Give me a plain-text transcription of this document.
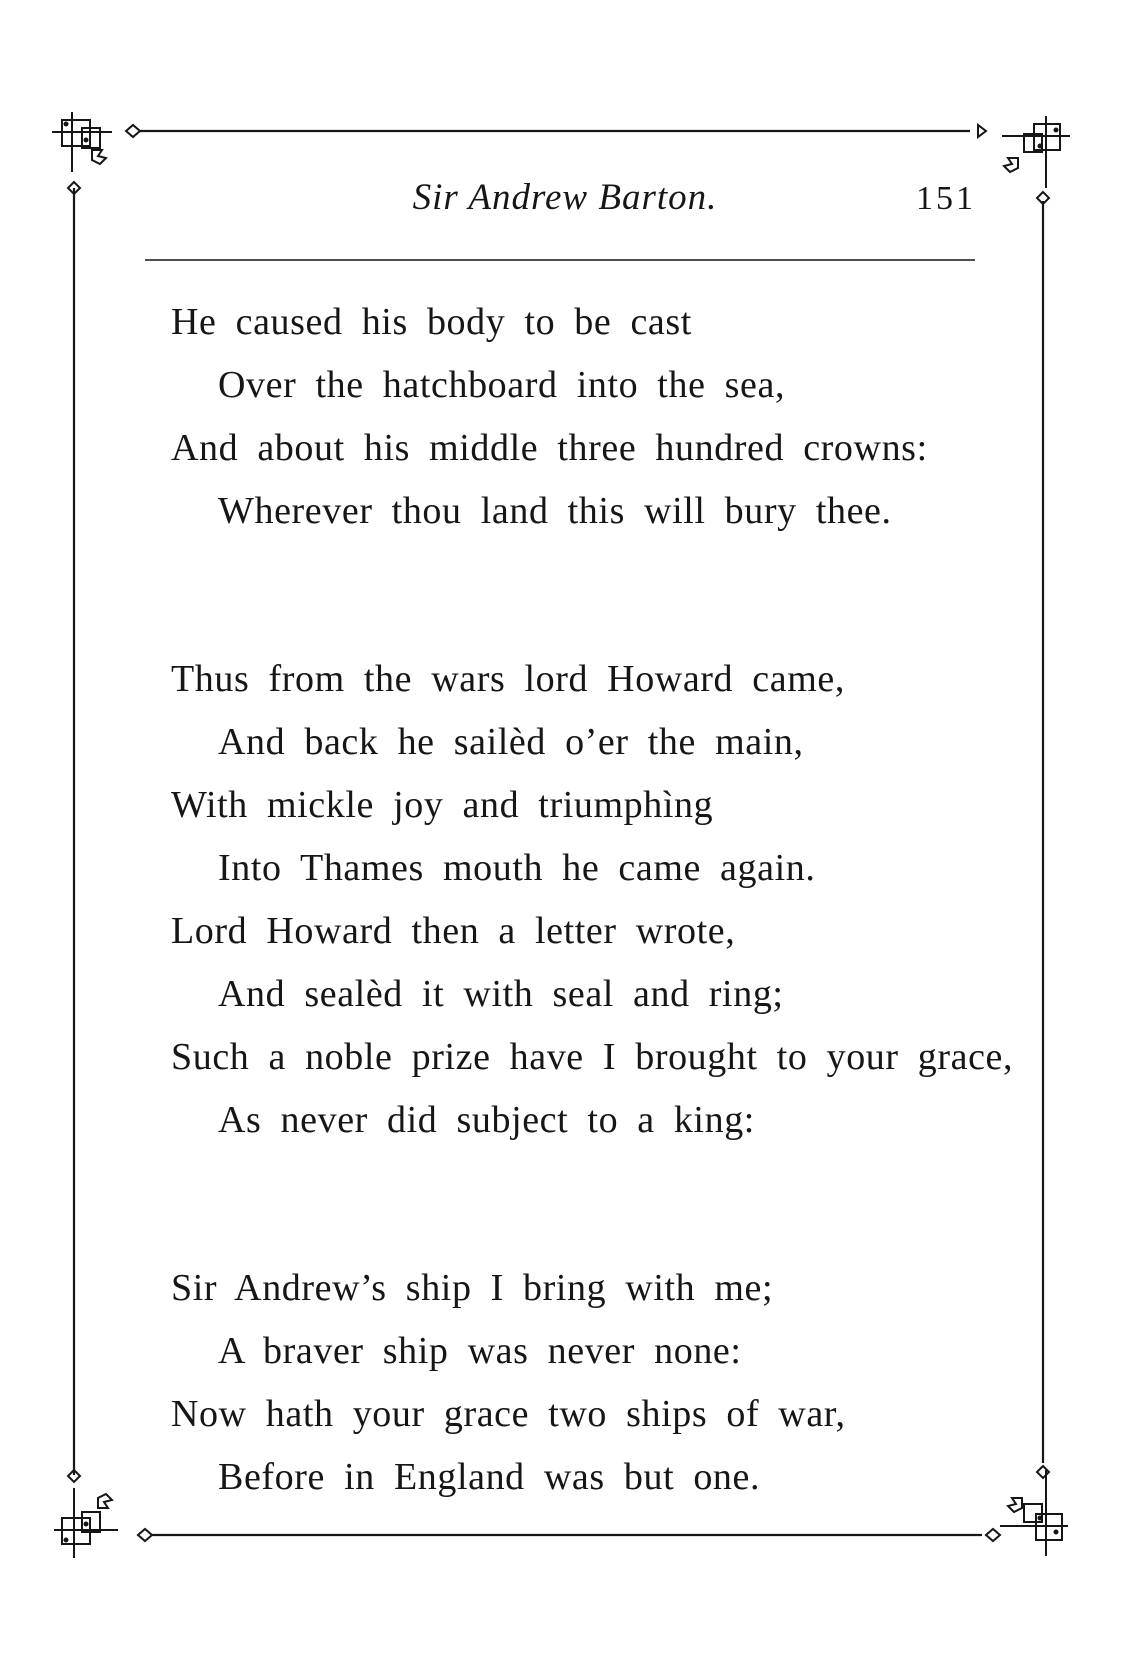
Sir Andrew Barton.	151
He caused his body to be cast
Over the hatchboard into the sea,
And about his middle three hundred crowns:
Wherever thou land this will bury thee.
Thus from the wars lord Howard came,
And back he sailèd o’er the main,
With mickle joy and triumphìng
Into Thames mouth he came again.
Lord Howard then a letter wrote,
And sealèd it with seal and ring;
Such a noble prize have I brought to your grace,
As never did subject to a king:
Sir Andrew’s ship I bring with me;
A braver ship was never none:
Now hath your grace two ships of war,
Before in England was but one.
